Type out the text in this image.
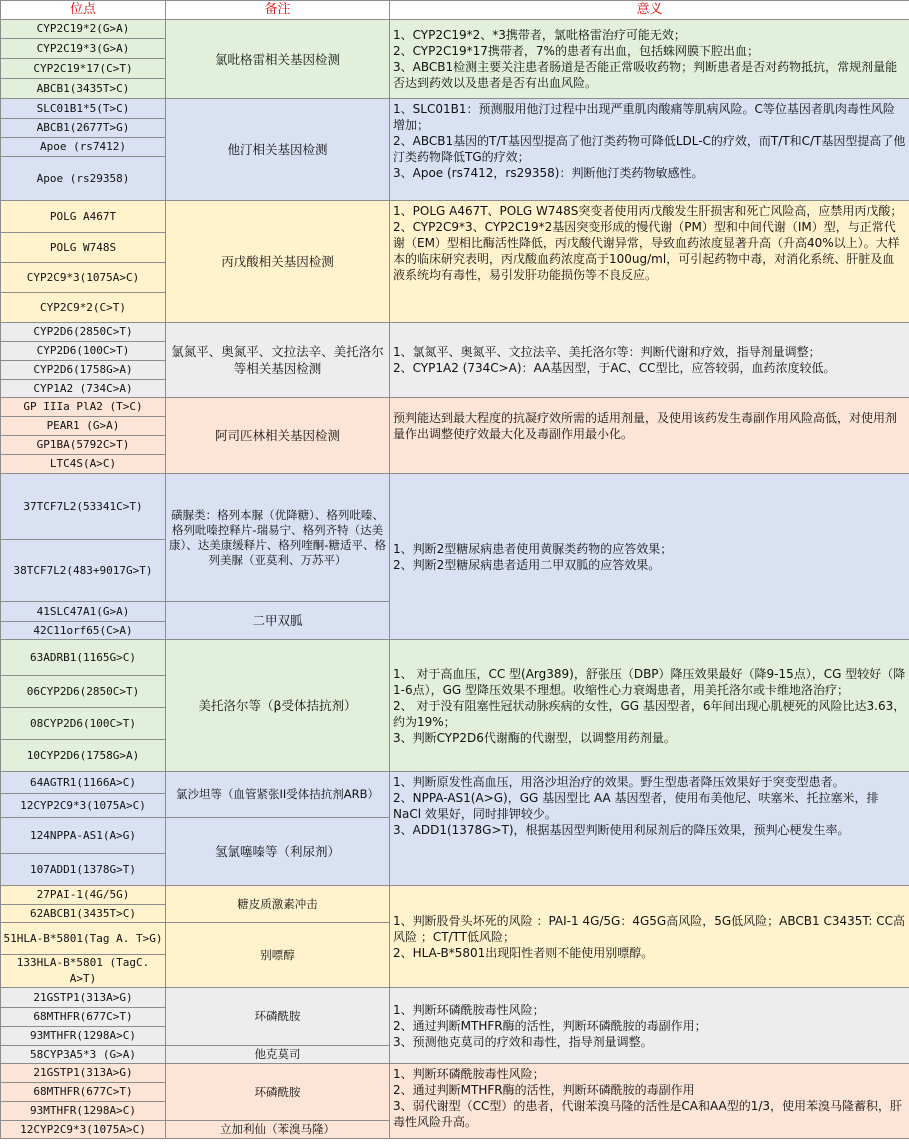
位点	备注	意义
CYP2C19*2(G>A)	氯吡格雷相关基因检测	1、CYP2C19*2、*3携带者，氯吡格雷治疗可能无效；
2、CYP2C19*17携带者，7%的患者有出血，包括蛛网膜下腔出血；
3、ABCB1检测主要关注患者肠道是否能正常吸收药物；判断患者是否对药物抵抗，常规剂量能否达到药效以及患者是否有出血风险。

CYP2C19*3(G>A)		
CYP2C19*17(C>T)		
ABCB1(3435T>C)		
SLC01B1*5(T>C)	他汀相关基因检测	1、SLC01B1：预测服用他汀过程中出现严重肌肉酸痛等肌病风险。C等位基因者肌肉毒性风险增加；
2、ABCB1基因的T/T基因型提高了他汀类药物可降低LDL-C的疗效，而T/T和C/T基因型提高了他汀类药物降低TG的疗效；
3、Apoe (rs7412，rs29358)：判断他汀类药物敏感性。

ABCB1(2677T>G)		
Apoe (rs7412)		
Apoe (rs29358)		
POLG A467T	丙戊酸相关基因检测	1、POLG A467T、POLG W748S突变者使用丙戊酸发生肝损害和死亡风险高，应禁用丙戊酸；
2、CYP2C9*3、CYP2C19*2基因突变形成的慢代谢（PM）型和中间代谢（IM）型，与正常代谢（EM）型相比酶活性降低，丙戊酸代谢异常，导致血药浓度显著升高（升高40%以上）。大样本的临床研究表明，丙戊酸血药浓度高于100ug/ml，可引起药物中毒，对消化系统、肝脏及血液系统均有毒性，易引发肝功能损伤等不良反应。

POLG W748S		
CYP2C9*3(1075A>C)		
CYP2C9*2(C>T)		
CYP2D6(2850C>T)	氯氮平、奥氮平、文拉法辛、美托洛尔等相关基因检测	1、氯氮平、奥氮平、文拉法辛、美托洛尔等：判断代谢和疗效，指导剂量调整；
2、CYP1A2 (734C>A)：AA基因型，于AC、CC型比，应答较弱，血药浓度较低。

CYP2D6(100C>T)		
CYP2D6(1758G>A)		
CYP1A2 (734C>A)		
GP IIIa PlA2 (T>C)	阿司匹林相关基因检测	预判能达到最大程度的抗凝疗效所需的适用剂量，及使用该药发生毒副作用风险高低，对使用剂量作出调整使疗效最大化及毒副作用最小化。

PEAR1 (G>A)		
GP1BA(5792C>T)		
LTC4S(A>C)		
37TCF7L2(53341C>T)	磺脲类：格列本脲（优降糖）、格列吡嗪、格列吡嗪控释片-瑞易宁、格列齐特（达美康）、达美康缓释片、格列喹酮-糖适平、格列美脲（亚莫利、万苏平）	1、判断2型糖尿病患者使用黄脲类药物的应答效果；
2、判断2型糖尿病患者适用二甲双胍的应答效果。

38TCF7L2(483+9017G>T)		
41SLC47A1(G>A)	二甲双胍	
42C11orf65(C>A)		
63ADRB1(1165G>C)	美托洛尔等（β受体拮抗剂）	1、 对于高血压，CC 型(Arg389)，舒张压（DBP）降压效果最好（降9-15点），CG 型较好（降1-6点），GG 型降压效果不理想。收缩性心力衰竭患者，用美托洛尔或卡维地洛治疗；
2、 对于没有阻塞性冠状动脉疾病的女性，GG 基因型者，6年间出现心肌梗死的风险比达3.63，约为19%；
3、判断CYP2D6代谢酶的代谢型，以调整用药剂量。

06CYP2D6(2850C>T)		
08CYP2D6(100C>T)		
10CYP2D6(1758G>A)		
64AGTR1(1166A>C)	氯沙坦等（血管紧张II受体拮抗剂ARB）	1、判断原发性高血压，用洛沙坦治疗的效果。野生型患者降压效果好于突变型患者。
2、NPPA-AS1(A>G)，GG 基因型比 AA 基因型者，使用布美他尼、呋塞米、托拉塞米，排 NaCl 效果好，同时排钾较少。
3、ADD1(1378G>T)，根据基因型判断使用利尿剂后的降压效果，预判心梗发生率。

12CYP2C9*3(1075A>C)		
124NPPA-AS1(A>G)	氢氯噻嗪等（利尿剂）	
107ADD1(1378G>T)		
27PAI-1(4G/5G)	糖皮质激素冲击	1、判断股骨头坏死的风险 ：PAI-1 4G/5G：4G5G高风险，5G低风险；ABCB1 C3435T: CC高风险 ；CT/TT低风险；
2、HLA-B*5801出现阳性者则不能使用别嘌醇。

62ABCB1(3435T>C)		
51HLA-B*5801(Tag A. T>G)	别嘌醇	
133HLA-B*5801 (TagC. A>T)		
21GSTP1(313A>G)	环磷酰胺	1、判断环磷酰胺毒性风险；
2、通过判断MTHFR酶的活性，判断环磷酰胺的毒副作用；
3、预测他克莫司的疗效和毒性，指导剂量调整。

68MTHFR(677C>T)		
93MTHFR(1298A>C)		
58CYP3A5*3 (G>A)	他克莫司	
21GSTP1(313A>G)	环磷酰胺	1、判断环磷酰胺毒性风险；
2、通过判断MTHFR酶的活性，判断环磷酰胺的毒副作用
3、弱代谢型（CC型）的患者，代谢苯溴马隆的活性是CA和AA型的1/3，使用苯溴马隆蓄积，肝毒性风险升高。

68MTHFR(677C>T)		
93MTHFR(1298A>C)		
12CYP2C9*3(1075A>C)	立加利仙（苯溴马隆）	
